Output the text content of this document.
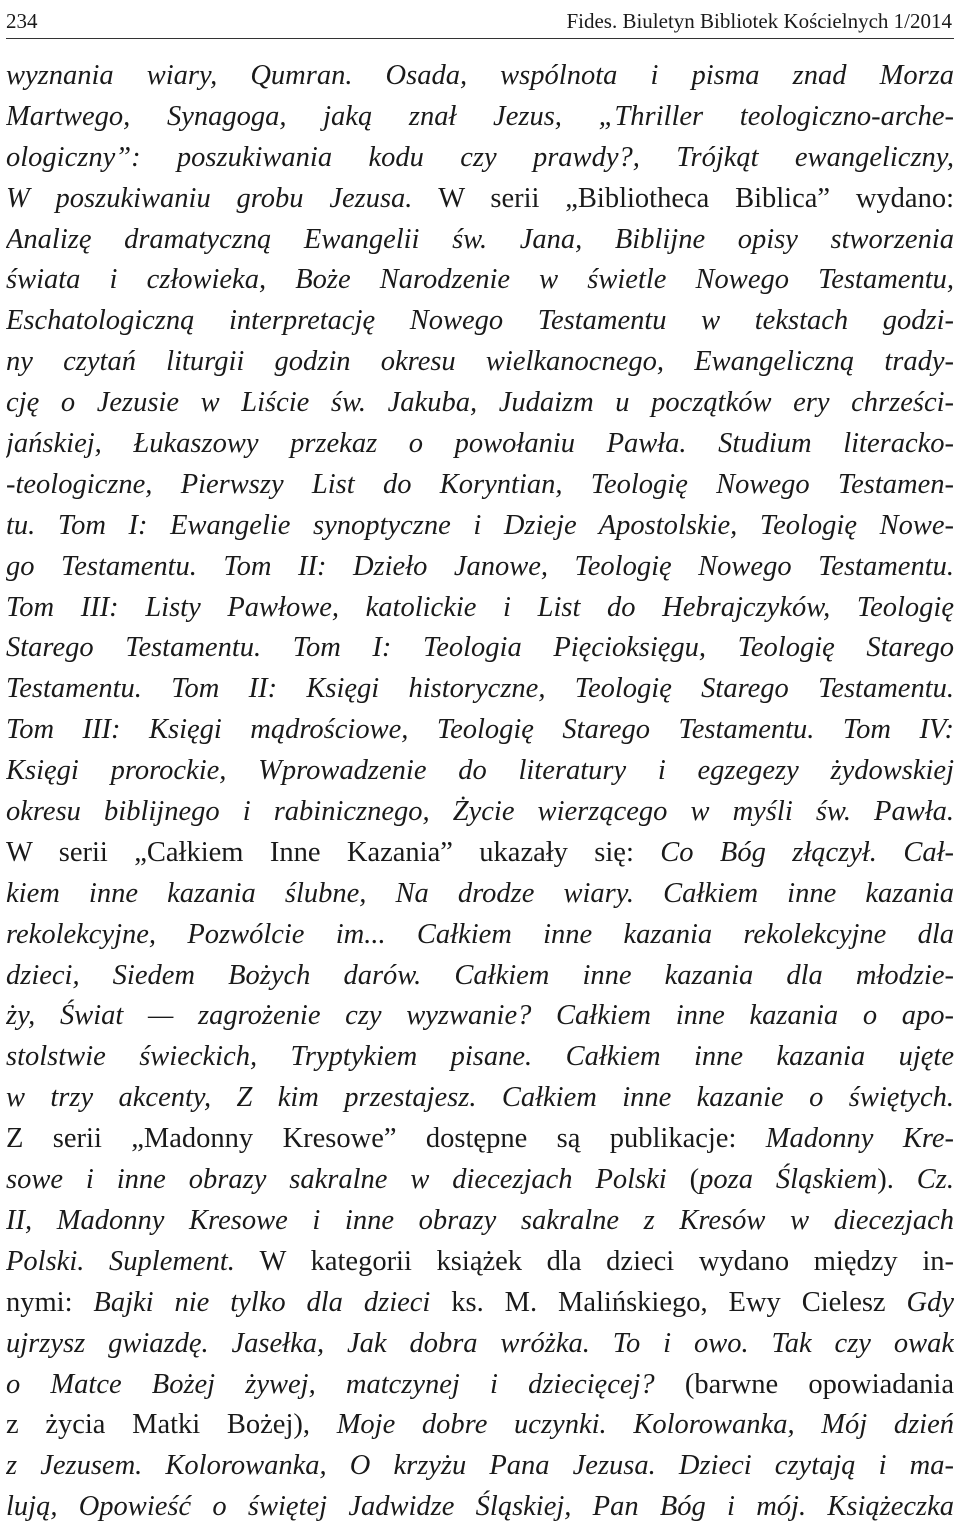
234	Fides. Biuletyn Bibliotek Kościelnych 1/2014
wyznania wiary, Qumran. Osada, wspólnota i pisma znad Morza
Martwego, Synagoga, jaką znał Jezus, „Thriller teologiczno-arche-
ologiczny”: poszukiwania kodu czy prawdy?, Trójkąt ewangeliczny,
W poszukiwaniu grobu Jezusa. W serii „Bibliotheca Biblica” wydano:
Analizę dramatyczną Ewangelii św. Jana, Biblijne opisy stworzenia
świata i człowieka, Boże Narodzenie w świetle Nowego Testamentu,
Eschatologiczną interpretację Nowego Testamentu w tekstach godzi-
ny czytań liturgii godzin okresu wielkanocnego, Ewangeliczną trady-
cję o Jezusie w Liście św. Jakuba, Judaizm u początków ery chrześci-
jańskiej, Łukaszowy przekaz o powołaniu Pawła. Studium literacko-
-teologiczne, Pierwszy List do Koryntian, Teologię Nowego Testamen-
tu. Tom I: Ewangelie synoptyczne i Dzieje Apostolskie, Teologię Nowe-
go Testamentu. Tom II: Dzieło Janowe, Teologię Nowego Testamentu.
Tom III: Listy Pawłowe, katolickie i List do Hebrajczyków, Teologię
Starego Testamentu. Tom I: Teologia Pięcioksięgu, Teologię Starego
Testamentu. Tom II: Księgi historyczne, Teologię Starego Testamentu.
Tom III: Księgi mądrościowe, Teologię Starego Testamentu. Tom IV:
Księgi prorockie, Wprowadzenie do literatury i egzegezy żydowskiej
okresu biblijnego i rabinicznego, Życie wierzącego w myśli św. Pawła.
W serii „Całkiem Inne Kazania” ukazały się: Co Bóg złączył. Cał-
kiem inne kazania ślubne, Na drodze wiary. Całkiem inne kazania
rekolekcyjne, Pozwólcie im... Całkiem inne kazania rekolekcyjne dla
dzieci, Siedem Bożych darów. Całkiem inne kazania dla młodzie-
ży, Świat — zagrożenie czy wyzwanie? Całkiem inne kazania o apo-
stolstwie świeckich, Tryptykiem pisane. Całkiem inne kazania ujęte
w trzy akcenty, Z kim przestajesz. Całkiem inne kazanie o świętych.
Z serii „Madonny Kresowe” dostępne są publikacje: Madonny Kre-
sowe i inne obrazy sakralne w diecezjach Polski (poza Śląskiem). Cz.
II, Madonny Kresowe i inne obrazy sakralne z Kresów w diecezjach
Polski. Suplement. W kategorii książek dla dzieci wydano między in-
nymi: Bajki nie tylko dla dzieci ks. M. Malińskiego, Ewy Cielesz Gdy
ujrzysz gwiazdę. Jasełka, Jak dobra wróżka. To i owo. Tak czy owak
o Matce Bożej żywej, matczynej i dziecięcej? (barwne opowiadania
z życia Matki Bożej), Moje dobre uczynki. Kolorowanka, Mój dzień
z Jezusem. Kolorowanka, O krzyżu Pana Jezusa. Dzieci czytają i ma-
lują, Opowieść o świętej Jadwidze Śląskiej, Pan Bóg i mój. Książeczka
